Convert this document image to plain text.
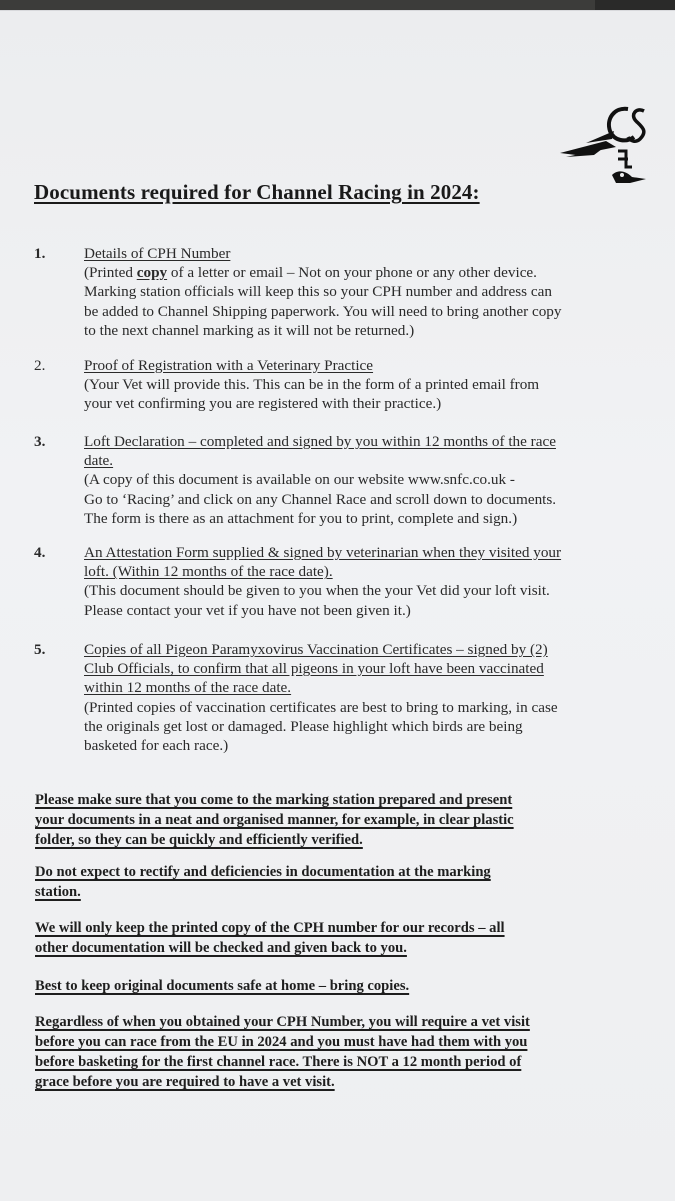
Documents required for Channel Racing in 2024:
1.	Details of CPH Number
(Printed copy of a letter or email – Not on your phone or any other device.
Marking station officials will keep this so your CPH number and address can
be added to Channel Shipping paperwork. You will need to bring another copy
to the next channel marking as it will not be returned.)
2.	Proof of Registration with a Veterinary Practice
(Your Vet will provide this. This can be in the form of a printed email from
your vet confirming you are registered with their practice.)
3.	Loft Declaration – completed and signed by you within 12 months of the race
date.
(A copy of this document is available on our website www.snfc.co.uk -
Go to ‘Racing’ and click on any Channel Race and scroll down to documents.
The form is there as an attachment for you to print, complete and sign.)
4.	An Attestation Form supplied & signed by veterinarian when they visited your
loft. (Within 12 months of the race date).
(This document should be given to you when the your Vet did your loft visit.
Please contact your vet if you have not been given it.)
5.	Copies of all Pigeon Paramyxovirus Vaccination Certificates – signed by (2)
Club Officials, to confirm that all pigeons in your loft have been vaccinated
within 12 months of the race date.
(Printed copies of vaccination certificates are best to bring to marking, in case
the originals get lost or damaged. Please highlight which birds are being
basketed for each race.)
Please make sure that you come to the marking station prepared and present
your documents in a neat and organised manner, for example, in clear plastic
folder, so they can be quickly and efficiently verified.
Do not expect to rectify and deficiencies in documentation at the marking
station.
We will only keep the printed copy of the CPH number for our records – all
other documentation will be checked and given back to you.
Best to keep original documents safe at home – bring copies.
Regardless of when you obtained your CPH Number, you will require a vet visit
before you can race from the EU in 2024 and you must have had them with you
before basketing for the first channel race. There is NOT a 12 month period of
grace before you are required to have a vet visit.
